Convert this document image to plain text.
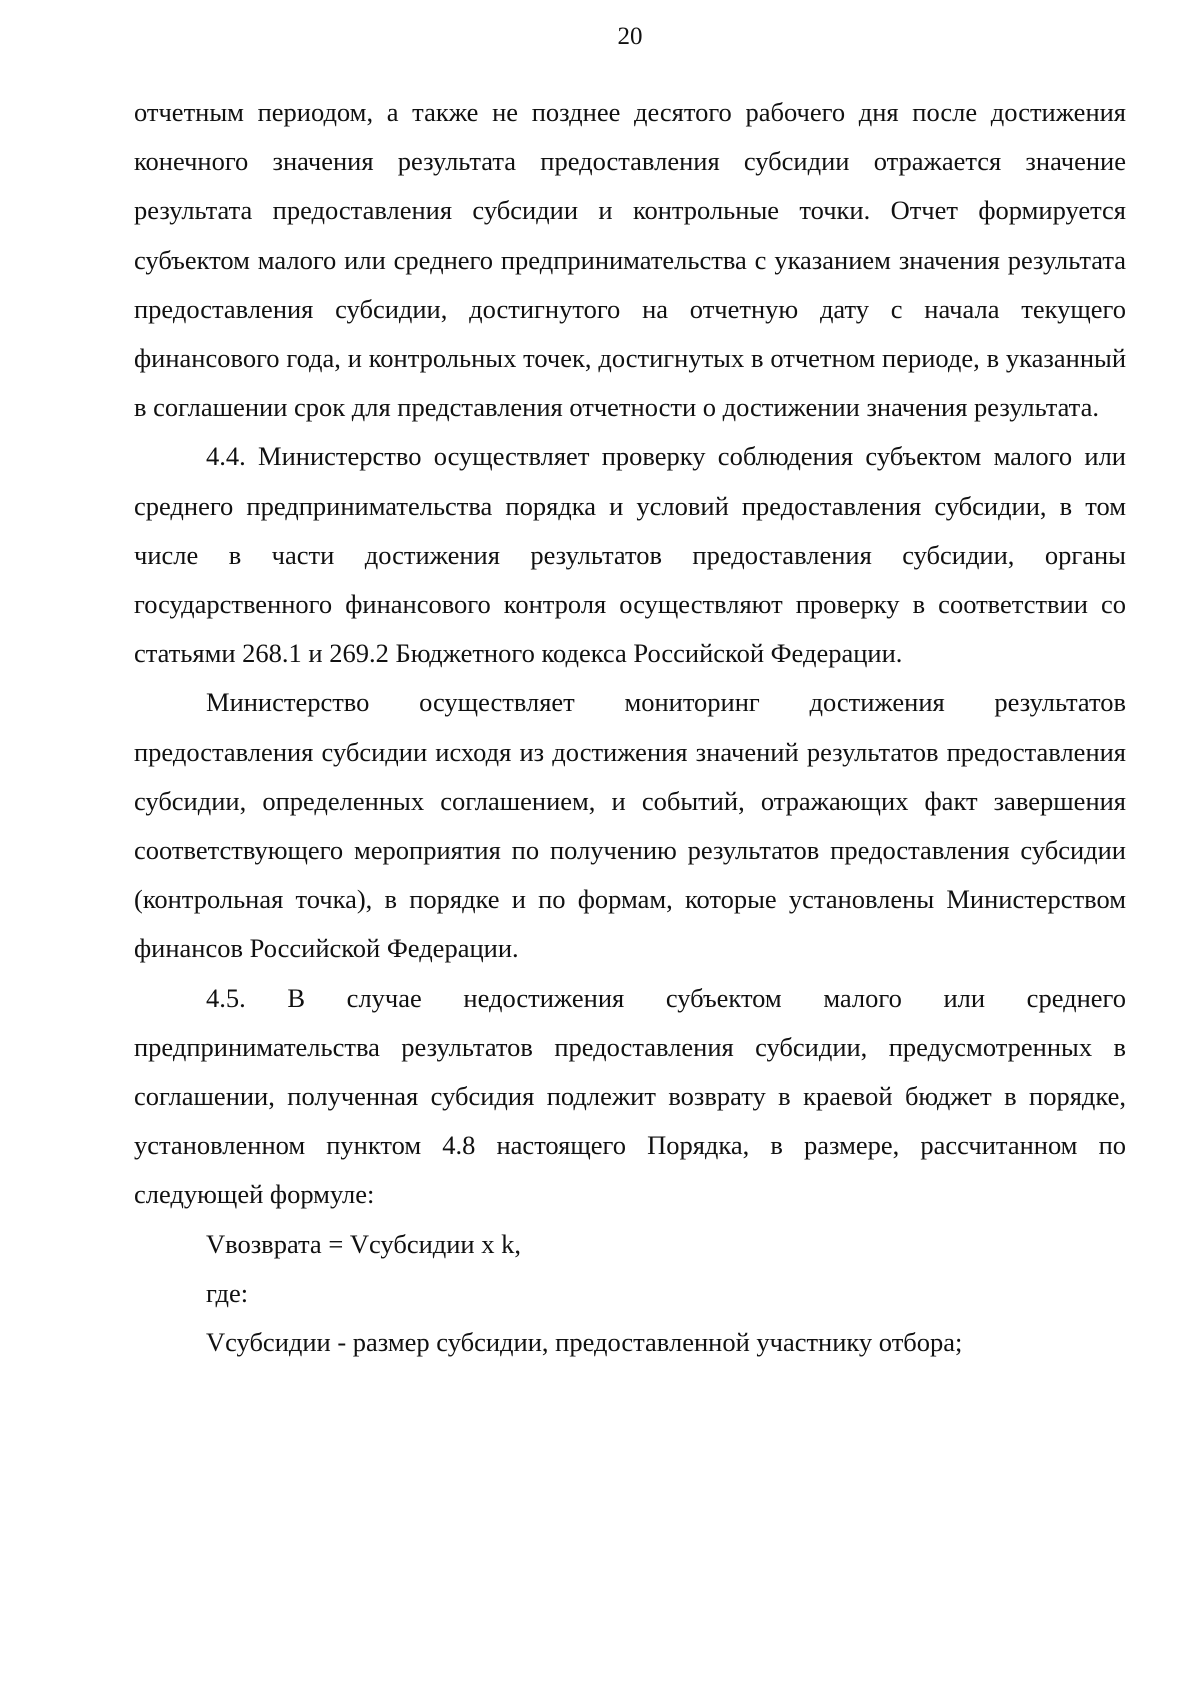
20

отчетным периодом, а также не позднее десятого рабочего дня после достижения конечного значения результата предоставления субсидии отражается значение результата предоставления субсидии и контрольные точки. Отчет формируется субъектом малого или среднего предпринимательства с указанием значения результата предоставления субсидии, достигнутого на отчетную дату с начала текущего финансового года, и контрольных точек, достигнутых в отчетном периоде, в указанный в соглашении срок для представления отчетности о достижении значения результата.

4.4. Министерство осуществляет проверку соблюдения субъектом малого или среднего предпринимательства порядка и условий предоставления субсидии, в том числе в части достижения результатов предоставления субсидии, органы государственного финансового контроля осуществляют проверку в соответствии со статьями 268.1 и 269.2 Бюджетного кодекса Российской Федерации.

Министерство осуществляет мониторинг достижения результатов предоставления субсидии исходя из достижения значений результатов предоставления субсидии, определенных соглашением, и событий, отражающих факт завершения соответствующего мероприятия по получению результатов предоставления субсидии (контрольная точка), в порядке и по формам, которые установлены Министерством финансов Российской Федерации.

4.5. В случае недостижения субъектом малого или среднего предпринимательства результатов предоставления субсидии, предусмотренных в соглашении, полученная субсидия подлежит возврату в краевой бюджет в порядке, установленном пунктом 4.8 настоящего Порядка, в размере, рассчитанном по следующей формуле:

Vвозврата = Vсубсидии x k,

где:

Vсубсидии - размер субсидии, предоставленной участнику отбора;
